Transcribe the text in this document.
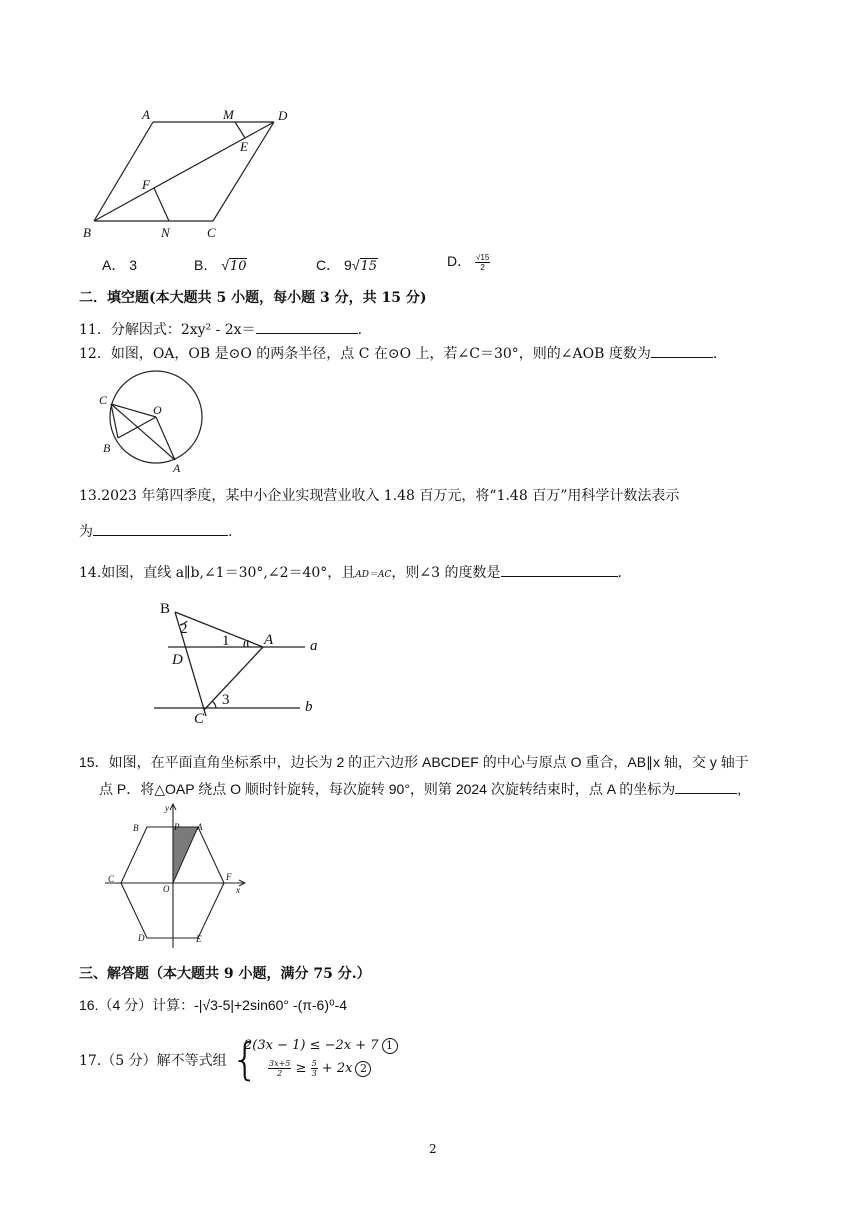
A	M	D
E
F
B	N	C
A． 3	B． √10	C． 9√15	D． $\frac{√15}{2}$
二．填空题(本大题共 5 小题，每小题 3 分，共 15 分)
11．分解因式：2xy² - 2x＝	.
12．如图，OA，OB 是⊙O 的两条半径，点 C 在⊙O 上，若∠C＝30°，则的∠AOB 度数为	.
C
O
B
A
13.2023 年第四季度，某中小企业实现营业收入 1.48 百万元，将“1.48 百万”用科学计数法表示
为	.
14.如图，直线 a∥b,∠1＝30°,∠2＝40°，且AD＝AC，则∠3 的度数是	.
B
2
1 A a
D
3
C
b
15．如图，在平面直角坐标系中，边长为 2 的正六边形 ABCDEF 的中心与原点 O 重合，AB∥x 轴，交 y 轴于
点 P．将△OAP 绕点 O 顺时针旋转，每次旋转 90°，则第 2024 次旋转结束时，点 A 的坐标为	,
y
B	P A
C	F
O	x
D	E
三、解答题（本大题共 9 小题，满分 75 分.）
16.（4 分）计算：-|√3-5|+2sin60° -(π-6)⁰-4
17.（5 分）解不等式组 {
2(3x − 1) ≤ −2x + 7 1
$\frac{3x+5}{2} \ge \frac{5}{3} + 2x$ 2
2
